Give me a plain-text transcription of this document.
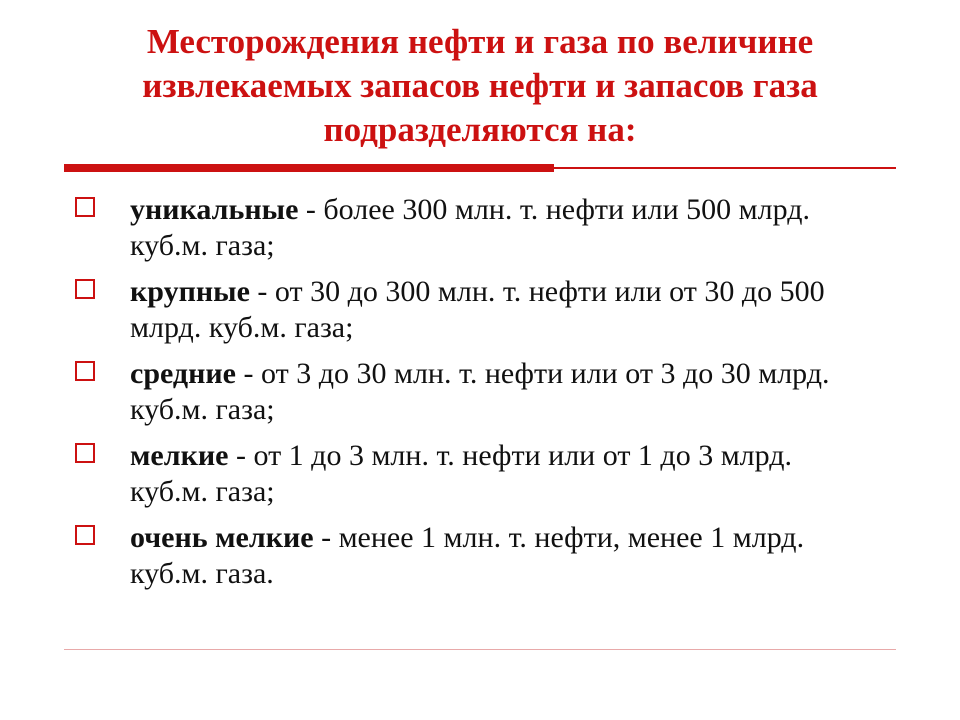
Месторождения нефти и газа по величине
извлекаемых запасов нефти и запасов газа
подразделяются на:
уникальные - более 300 млн. т. нефти или 500 млрд. куб.м. газа;
крупные - от 30 до 300 млн. т. нефти или от 30 до 500 млрд. куб.м. газа;
средние - от 3 до 30 млн. т. нефти или от 3 до 30 млрд. куб.м. газа;
мелкие - от 1 до 3 млн. т. нефти или от 1 до 3 млрд. куб.м. газа;
очень мелкие - менее 1 млн. т. нефти, менее 1 млрд. куб.м. газа.
